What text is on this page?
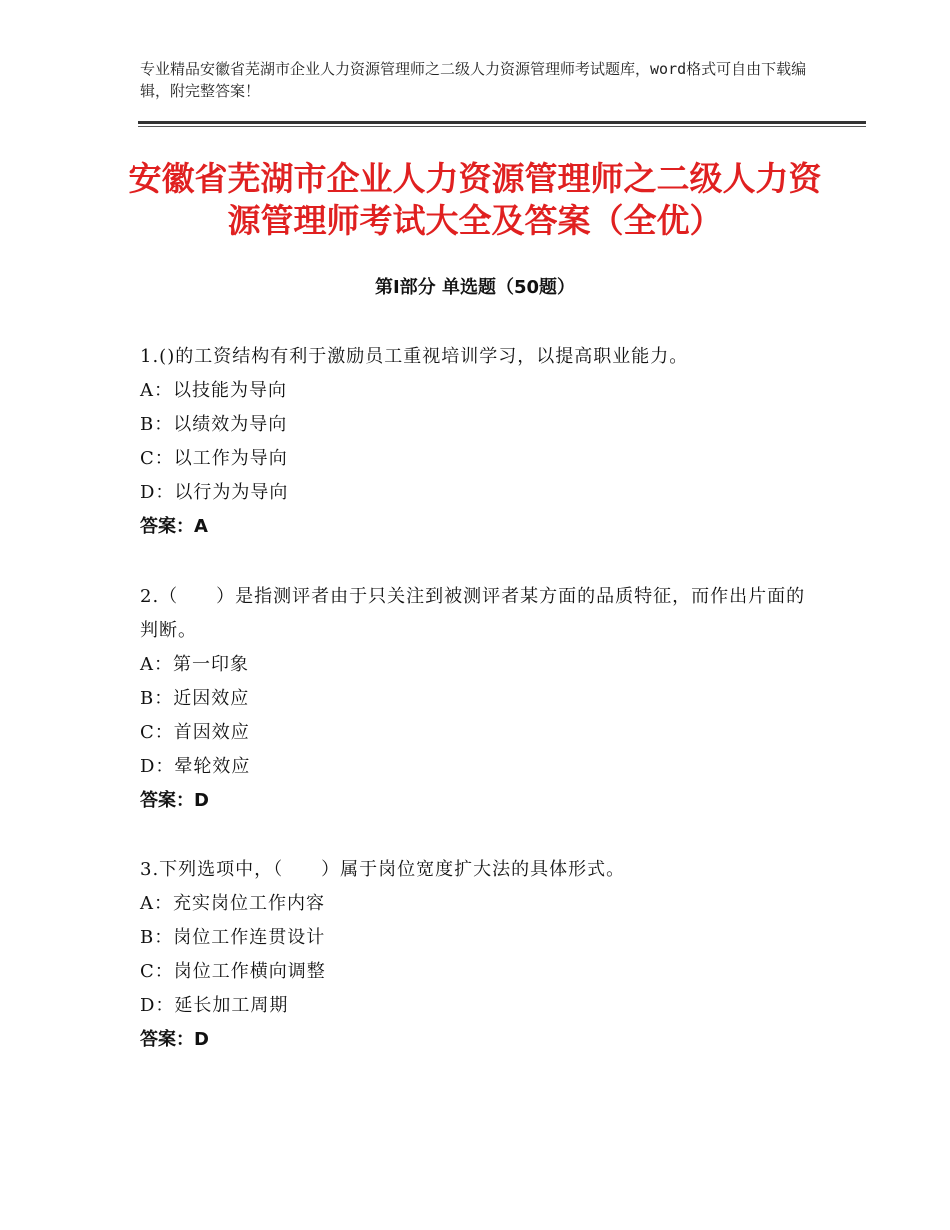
专业精品安徽省芜湖市企业人力资源管理师之二级人力资源管理师考试题库，word格式可自由下载编辑，附完整答案！
安徽省芜湖市企业人力资源管理师之二级人力资源管理师考试大全及答案（全优）
第Ⅰ部分 单选题（50题）

1.()的工资结构有利于激励员工重视培训学习，以提高职业能力。

A：以技能为导向

B：以绩效为导向

C：以工作为导向

D：以行为为导向

答案：A

2.（　　）是指测评者由于只关注到被测评者某方面的品质特征，而作出片面的判断。

A：第一印象

B：近因效应

C：首因效应

D：晕轮效应

答案：D

3.下列选项中，（　　）属于岗位宽度扩大法的具体形式。

A：充实岗位工作内容

B：岗位工作连贯设计

C：岗位工作横向调整

D：延长加工周期

答案：D
